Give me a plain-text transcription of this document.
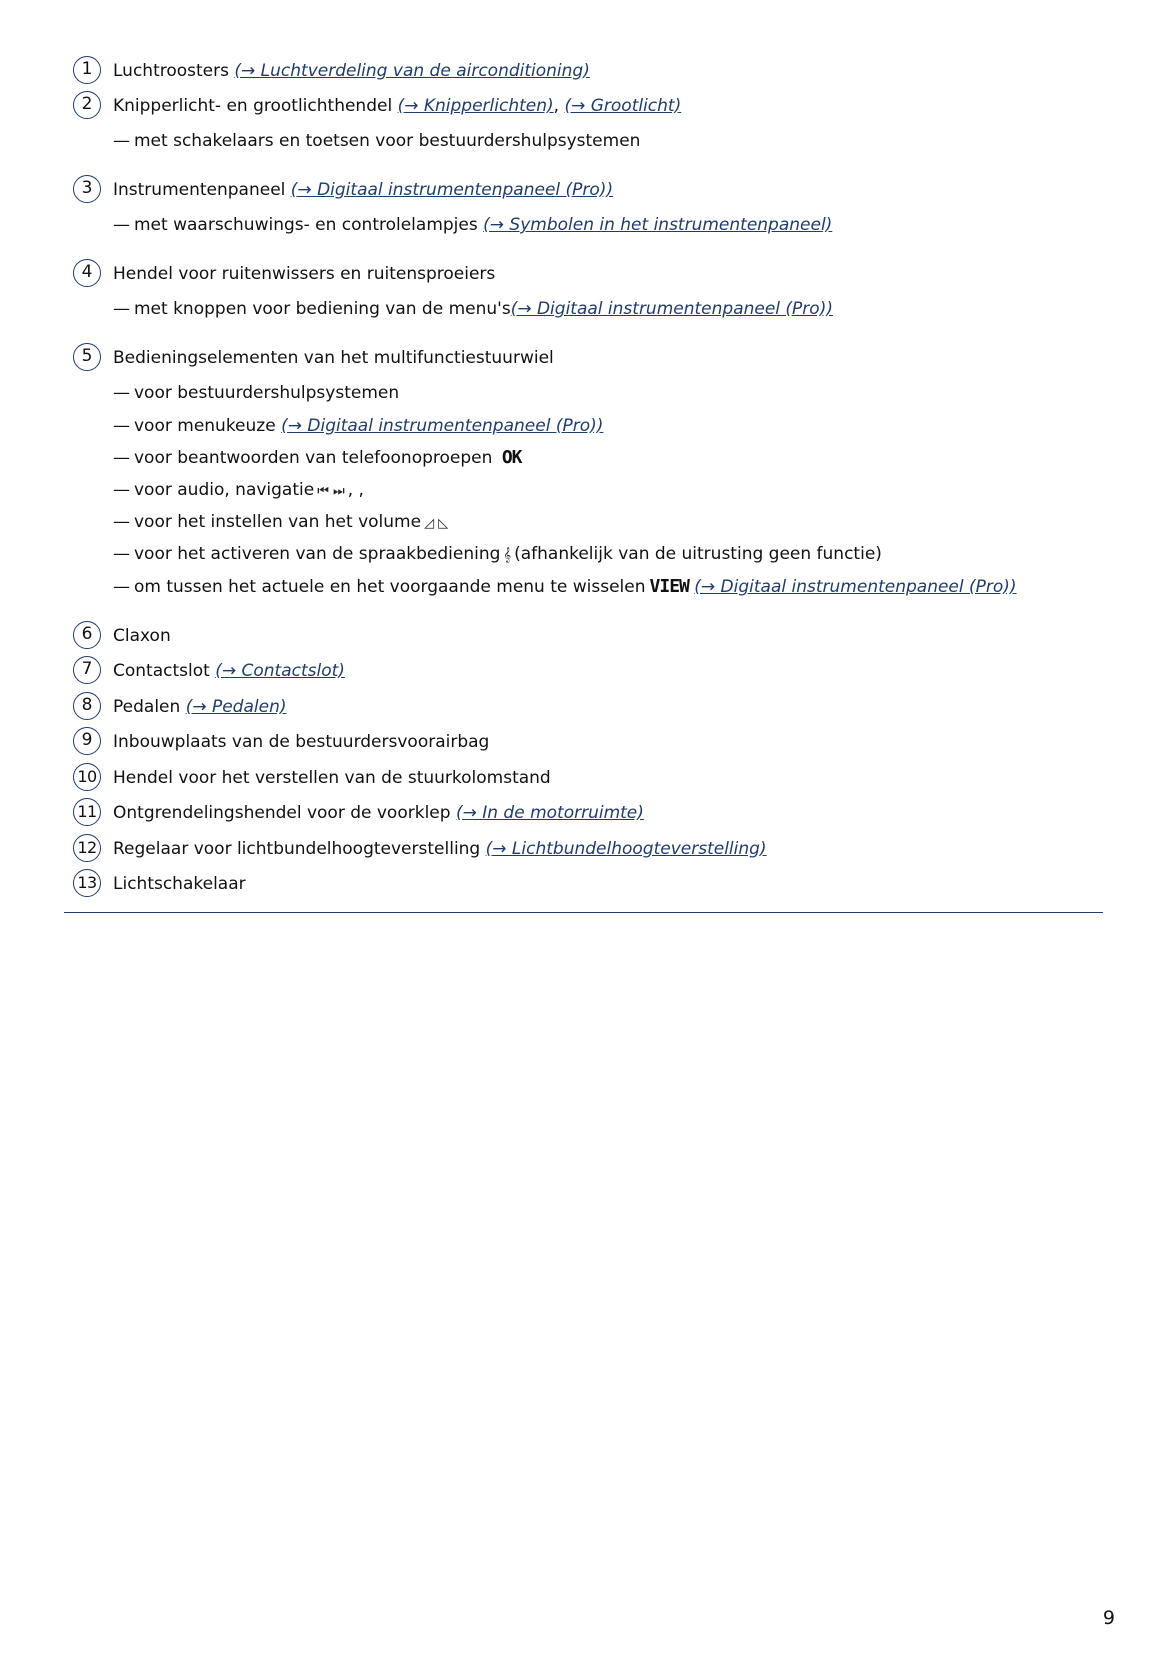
1	Luchtroosters (→ Luchtverdeling van de airconditioning)
2	Knipperlicht- en grootlichthendel (→ Knipperlichten), (→ Grootlicht)
— met schakelaars en toetsen voor bestuurdershulpsystemen
3	Instrumentenpaneel (→ Digitaal instrumentenpaneel (Pro))
— met waarschuwings- en controlelampjes (→ Symbolen in het instrumentenpaneel)
4	Hendel voor ruitenwissers en ruitensproeiers
— met knoppen voor bediening van de menu's(→ Digitaal instrumentenpaneel (Pro))
5	Bedieningselementen van het multifunctiestuurwiel
— voor bestuurdershulpsystemen
— voor menukeuze (→ Digitaal instrumentenpaneel (Pro))
— voor beantwoorden van telefoonoproepen OK
— voor audio, navigatie ⏮ ⏭ , ,
— voor het instellen van het volume ◿ ◺
— voor het activeren van de spraakbediening 𝄞 (afhankelijk van de uitrusting geen functie)
— om tussen het actuele en het voorgaande menu te wisselen VIEW (→ Digitaal instrumentenpaneel (Pro))
6	Claxon
7	Contactslot (→ Contactslot)
8	Pedalen (→ Pedalen)
9	Inbouwplaats van de bestuurdersvoorairbag
10 Hendel voor het verstellen van de stuurkolomstand
11 Ontgrendelingshendel voor de voorklep (→ In de motorruimte)
12 Regelaar voor lichtbundelhoogteverstelling (→ Lichtbundelhoogteverstelling)
13 Lichtschakelaar
9
